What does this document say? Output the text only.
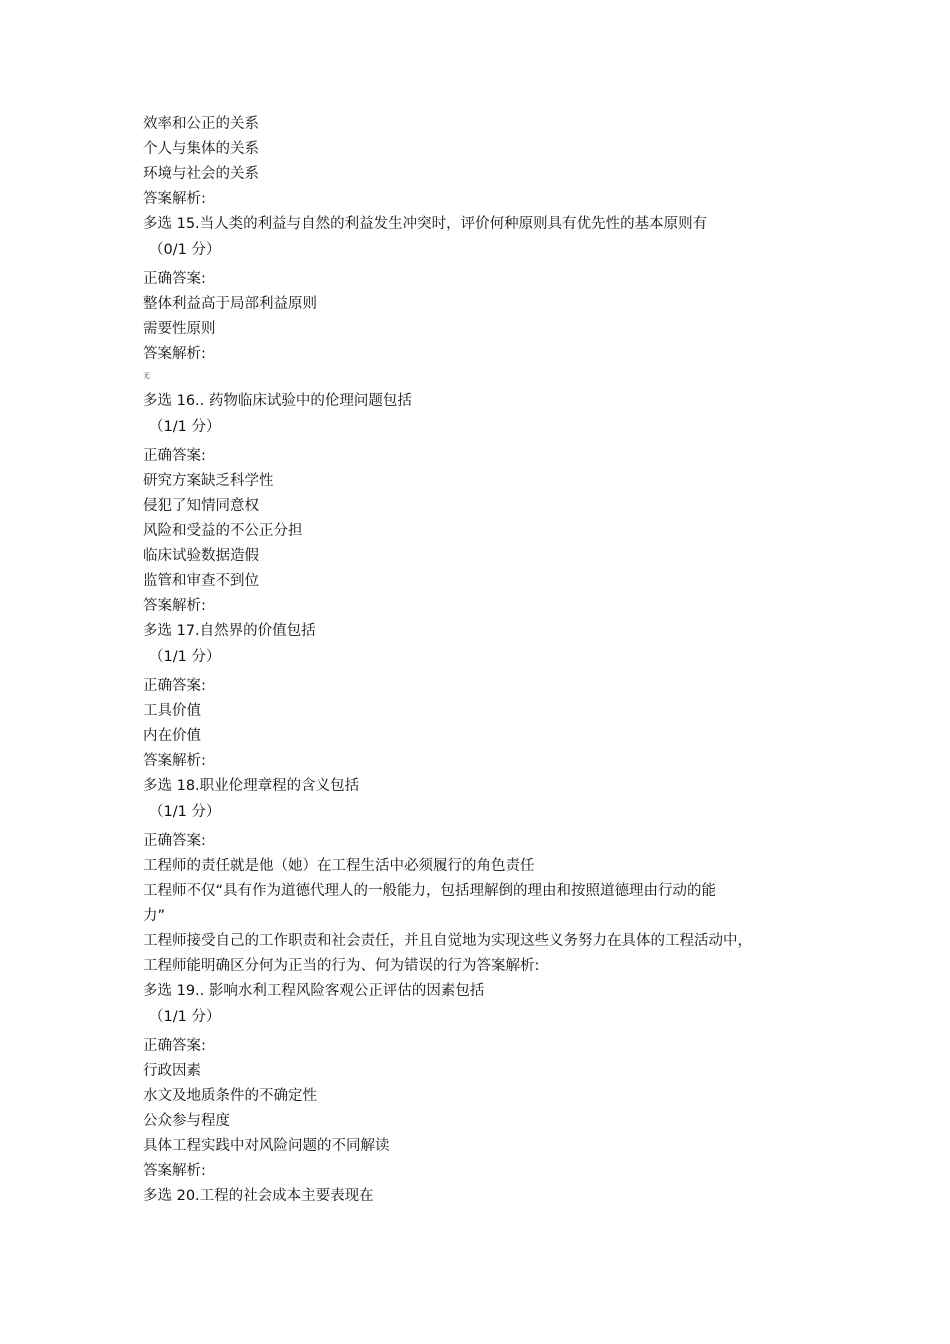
效率和公正的关系
个人与集体的关系
环境与社会的关系
答案解析:
多选 15.当人类的利益与自然的利益发生冲突时，评价何种原则具有优先性的基本原则有
（0/1 分）
正确答案:
整体利益高于局部利益原则
需要性原则
答案解析:
无
多选 16.. 药物临床试验中的伦理问题包括
（1/1 分）
正确答案:
研究方案缺乏科学性
侵犯了知情同意权
风险和受益的不公正分担
临床试验数据造假
监管和审查不到位
答案解析:
多选 17.自然界的价值包括
（1/1 分）
正确答案:
工具价值
内在价值
答案解析:
多选 18.职业伦理章程的含义包括
（1/1 分）
正确答案:
工程师的责任就是他（她）在工程生活中必须履行的角色责任
工程师不仅“具有作为道德代理人的一般能力，包括理解倒的理由和按照道德理由行动的能
力”
工程师接受自己的工作职责和社会责任，并且自觉地为实现这些义务努力在具体的工程活动中，
工程师能明确区分何为正当的行为、何为错误的行为答案解析:
多选 19.. 影响水利工程风险客观公正评估的因素包括
（1/1 分）
正确答案:
行政因素
水文及地质条件的不确定性
公众参与程度
具体工程实践中对风险问题的不同解读
答案解析:
多选 20.工程的社会成本主要表现在
